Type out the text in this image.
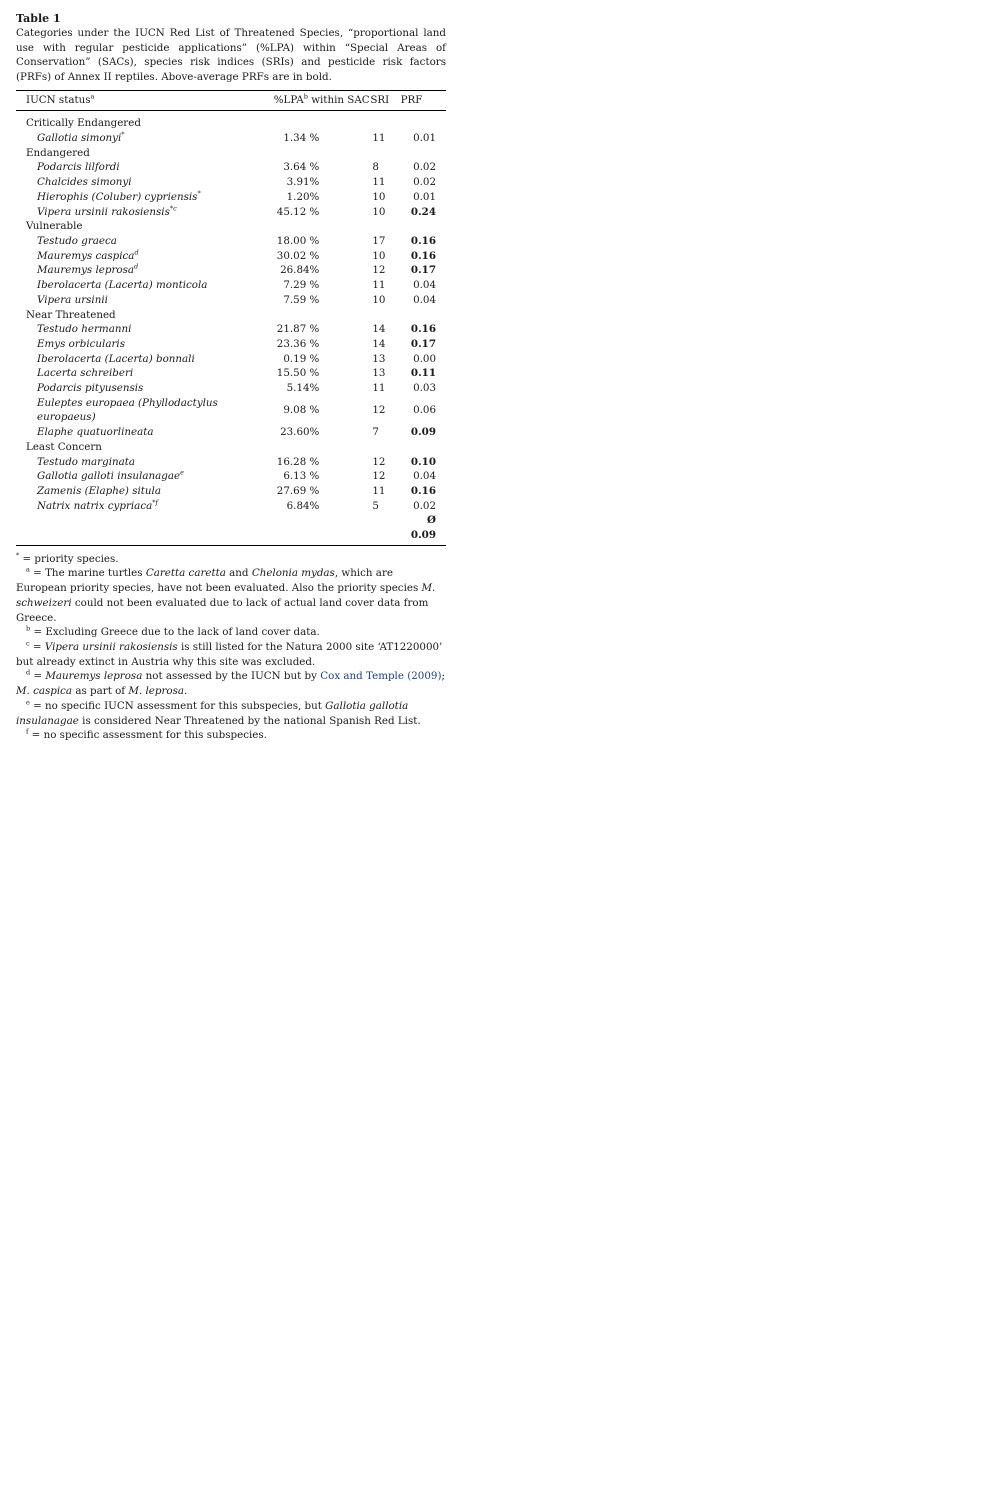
Table 1
Categories under the IUCN Red List of Threatened Species, “proportional land use with regular pesticide applications” (%LPA) within “Special Areas of Conservation” (SACs), species risk indices (SRIs) and pesticide risk factors (PRFs) of Annex II reptiles. Above-average PRFs are in bold.
IUCN status$^a$	%LPA$^b$ within SAC	SRI	PRF

Critically Endangered			
Gallotia simonyi*	1.34 %	11	0.01
Endangered			
Podarcis lilfordi	3.64 %	8	0.02
Chalcides simonyi	3.91%	11	0.02
Hierophis (Coluber) cypriensis*	1.20%	10	0.01
Vipera ursinii rakosiensis$^{*c}$	45.12 %	10	0.24
Vulnerable			
Testudo graeca	18.00 %	17	0.16
Mauremys caspica$^d$	30.02 %	10	0.16
Mauremys leprosa$^d$	26.84%	12	0.17
Iberolacerta (Lacerta) monticola	7.29 %	11	0.04
Vipera ursinii	7.59 %	10	0.04
Near Threatened			
Testudo hermanni	21.87 %	14	0.16
Emys orbicularis	23.36 %	14	0.17
Iberolacerta (Lacerta) bonnali	0.19 %	13	0.00
Lacerta schreiberi	15.50 %	13	0.11
Podarcis pityusensis	5.14%	11	0.03
Euleptes europaea (Phyllodactylus europaeus)	9.08 %	12	0.06
Elaphe quatuorlineata	23.60%	7	0.09
Least Concern			
Testudo marginata	16.28 %	12	0.10
Gallotia galloti insulanagae$^e$	6.13 %	12	0.04
Zamenis (Elaphe) situla	27.69 %	11	0.16
Natrix natrix cypriaca$^{*f}$	6.84%	5	0.02
			Ø 0.09
* = priority species.
$^a$ = The marine turtles Caretta caretta and Chelonia mydas, which are European priority species, have not been evaluated. Also the priority species M. schweizeri could not been evaluated due to lack of actual land cover data from Greece.
$^b$ = Excluding Greece due to the lack of land cover data.
$^c$ = Vipera ursinii rakosiensis is still listed for the Natura 2000 site ‘AT1220000’ but already extinct in Austria why this site was excluded.
$^d$ = Mauremys leprosa not assessed by the IUCN but by Cox and Temple (2009);
M. caspica as part of M. leprosa.
$^e$ = no specific IUCN assessment for this subspecies, but Gallotia gallotia insulanagae is considered Near Threatened by the national Spanish Red List.
$^f$ = no specific assessment for this subspecies.
